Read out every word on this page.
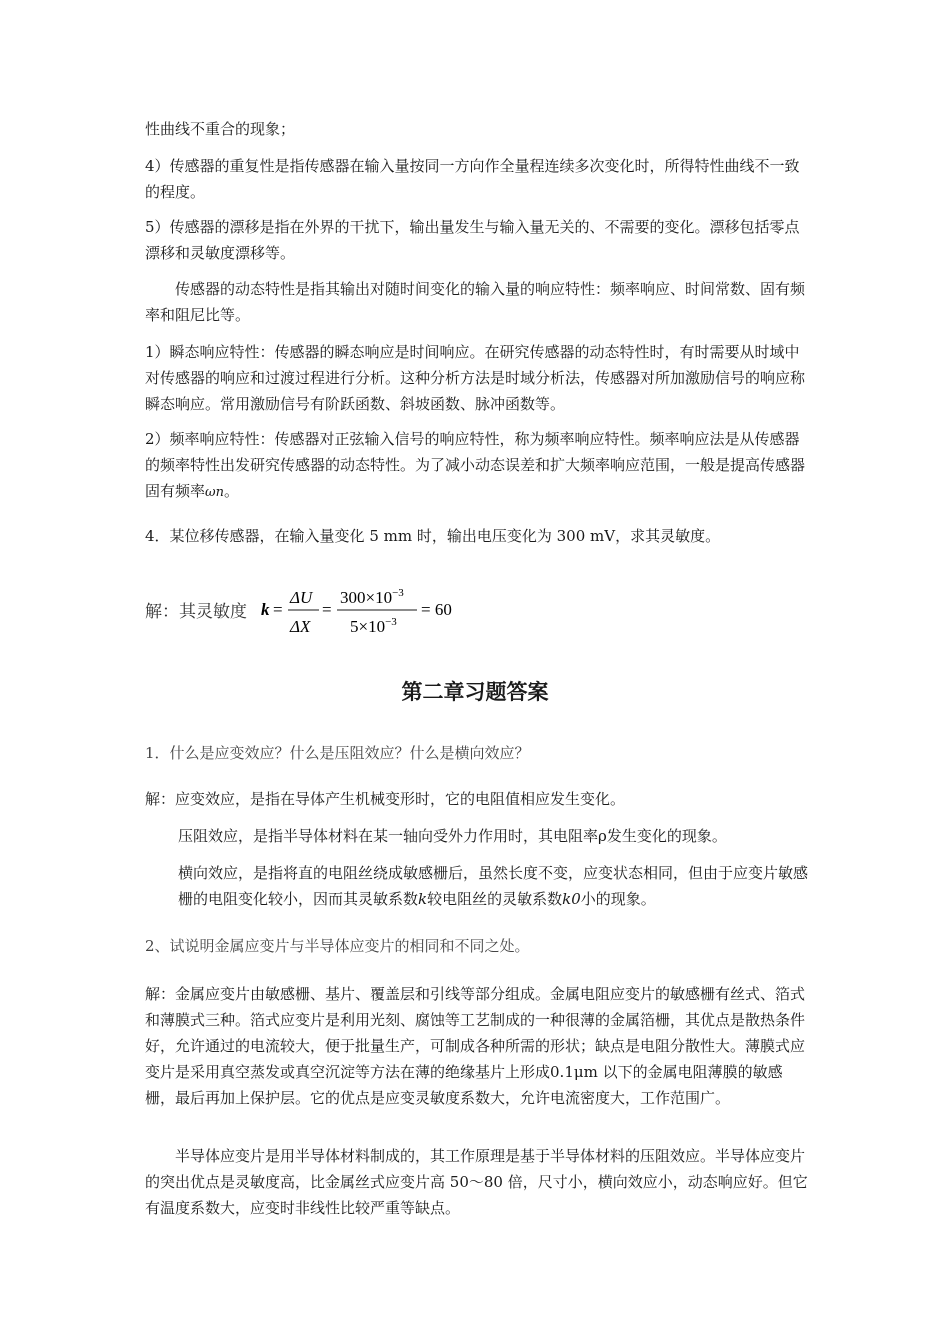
性曲线不重合的现象；

4）传感器的重复性是指传感器在输入量按同一方向作全量程连续多次变化时，所得特性曲线不一致的程度。

5）传感器的漂移是指在外界的干扰下，输出量发生与输入量无关的、不需要的变化。漂移包括零点漂移和灵敏度漂移等。

传感器的动态特性是指其输出对随时间变化的输入量的响应特性：频率响应、时间常数、固有频率和阻尼比等。

1）瞬态响应特性：传感器的瞬态响应是时间响应。在研究传感器的动态特性时，有时需要从时域中对传感器的响应和过渡过程进行分析。这种分析方法是时域分析法，传感器对所加激励信号的响应称瞬态响应。常用激励信号有阶跃函数、斜坡函数、脉冲函数等。

2）频率响应特性：传感器对正弦输入信号的响应特性，称为频率响应特性。频率响应法是从传感器的频率特性出发研究传感器的动态特性。为了减小动态误差和扩大频率响应范围，一般是提高传感器固有频率ωn。

4．某位移传感器，在输入量变化 5 mm 时，输出电压变化为 300 mV，求其灵敏度。

解：其灵敏度 k =
ΔU
ΔX
=
$300\times 10^{-3}$
$5\times 10^{-3}$
= 60
第二章习题答案

1．什么是应变效应？什么是压阻效应？什么是横向效应？

解：应变效应，是指在导体产生机械变形时，它的电阻值相应发生变化。

压阻效应，是指半导体材料在某一轴向受外力作用时，其电阻率ρ发生变化的现象。

横向效应，是指将直的电阻丝绕成敏感栅后，虽然长度不变，应变状态相同，但由于应变片敏感栅的电阻变化较小，因而其灵敏系数k较电阻丝的灵敏系数k0小的现象。

2、试说明金属应变片与半导体应变片的相同和不同之处。

解：金属应变片由敏感栅、基片、覆盖层和引线等部分组成。金属电阻应变片的敏感栅有丝式、箔式和薄膜式三种。箔式应变片是利用光刻、腐蚀等工艺制成的一种很薄的金属箔栅，其优点是散热条件好，允许通过的电流较大，便于批量生产，可制成各种所需的形状；缺点是电阻分散性大。薄膜式应变片是采用真空蒸发或真空沉淀等方法在薄的绝缘基片上形成0.1μm 以下的金属电阻薄膜的敏感栅，最后再加上保护层。它的优点是应变灵敏度系数大，允许电流密度大，工作范围广。

半导体应变片是用半导体材料制成的，其工作原理是基于半导体材料的压阻效应。半导体应变片的突出优点是灵敏度高，比金属丝式应变片高 50～80 倍，尺寸小，横向效应小，动态响应好。但它有温度系数大，应变时非线性比较严重等缺点。
